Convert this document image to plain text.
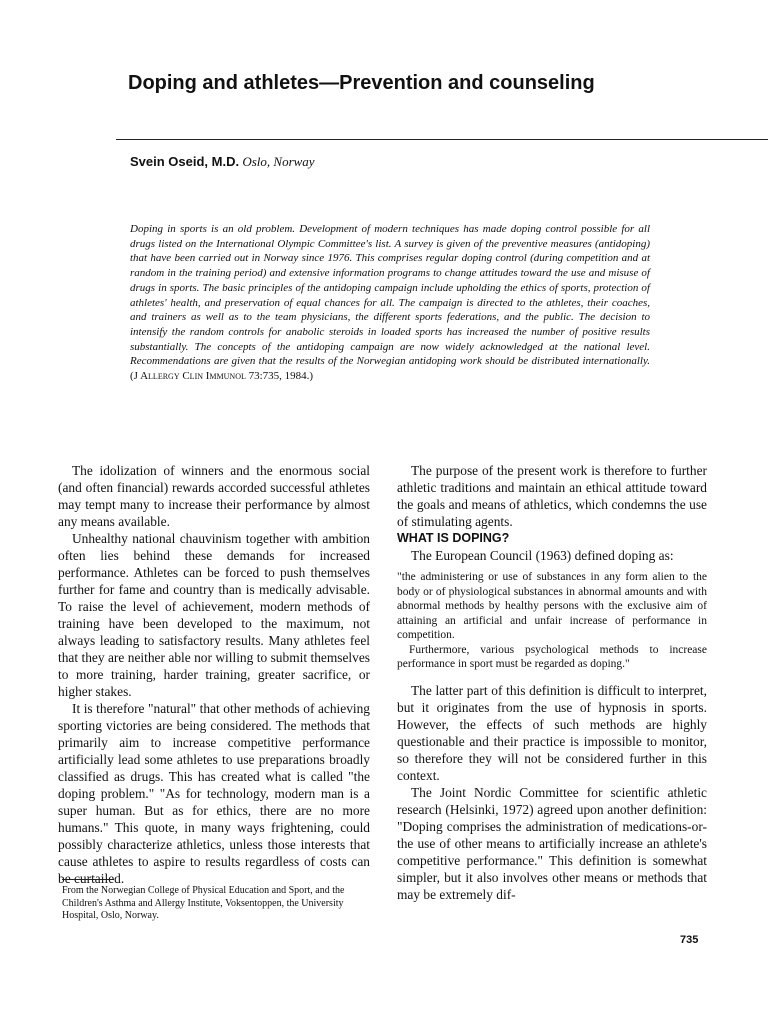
Doping and athletes—Prevention and counseling
Svein Oseid, M.D. Oslo, Norway

Doping in sports is an old problem. Development of modern techniques has made doping control possible for all drugs listed on the International Olympic Committee's list. A survey is given of the preventive measures (antidoping) that have been carried out in Norway since 1976. This comprises regular doping control (during competition and at random in the training period) and extensive information programs to change attitudes toward the use and misuse of drugs in sports. The basic principles of the antidoping campaign include upholding the ethics of sports, protection of athletes' health, and preservation of equal chances for all. The campaign is directed to the athletes, their coaches, and trainers as well as to the team physicians, the different sports federations, and the public. The decision to intensify the random controls for anabolic steroids in loaded sports has increased the number of positive results substantially. The concepts of the antidoping campaign are now widely acknowledged at the national level. Recommendations are given that the results of the Norwegian antidoping work should be distributed internationally. (J Allergy Clin Immunol 73:735, 1984.)

The idolization of winners and the enormous social (and often financial) rewards accorded successful athletes may tempt many to increase their performance by almost any means available.

Unhealthy national chauvinism together with ambition often lies behind these demands for increased performance. Athletes can be forced to push themselves further for fame and country than is medically advisable. To raise the level of achievement, modern methods of training have been developed to the maximum, not always leading to satisfactory results. Many athletes feel that they are neither able nor willing to submit themselves to more training, harder training, greater sacrifice, or higher stakes.

It is therefore "natural" that other methods of achieving sporting victories are being considered. The methods that primarily aim to increase competitive performance artificially lead some athletes to use preparations broadly classified as drugs. This has created what is called "the doping problem." "As for technology, modern man is a super human. But as for ethics, there are no more humans." This quote, in many ways frightening, could possibly characterize athletics, unless those interests that cause athletes to aspire to results regardless of costs can be curtailed.

The purpose of the present work is therefore to further athletic traditions and maintain an ethical attitude toward the goals and means of athletics, which condemns the use of stimulating agents.

WHAT IS DOPING?

The European Council (1963) defined doping as:

"the administering or use of substances in any form alien to the body or of physiological substances in abnormal amounts and with abnormal methods by healthy persons with the exclusive aim of attaining an artificial and unfair increase of performance in competition.

Furthermore, various psychological methods to increase performance in sport must be regarded as doping."

The latter part of this definition is difficult to interpret, but it originates from the use of hypnosis in sports. However, the effects of such methods are highly questionable and their practice is impossible to monitor, so therefore they will not be considered further in this context.

The Joint Nordic Committee for scientific athletic research (Helsinki, 1972) agreed upon another definition: "Doping comprises the administration of medications-or-the use of other means to artificially increase an athlete's competitive performance." This definition is somewhat simpler, but it also involves other means or methods that may be extremely dif-

From the Norwegian College of Physical Education and Sport, and the Children's Asthma and Allergy Institute, Voksentoppen, the University Hospital, Oslo, Norway.

735
